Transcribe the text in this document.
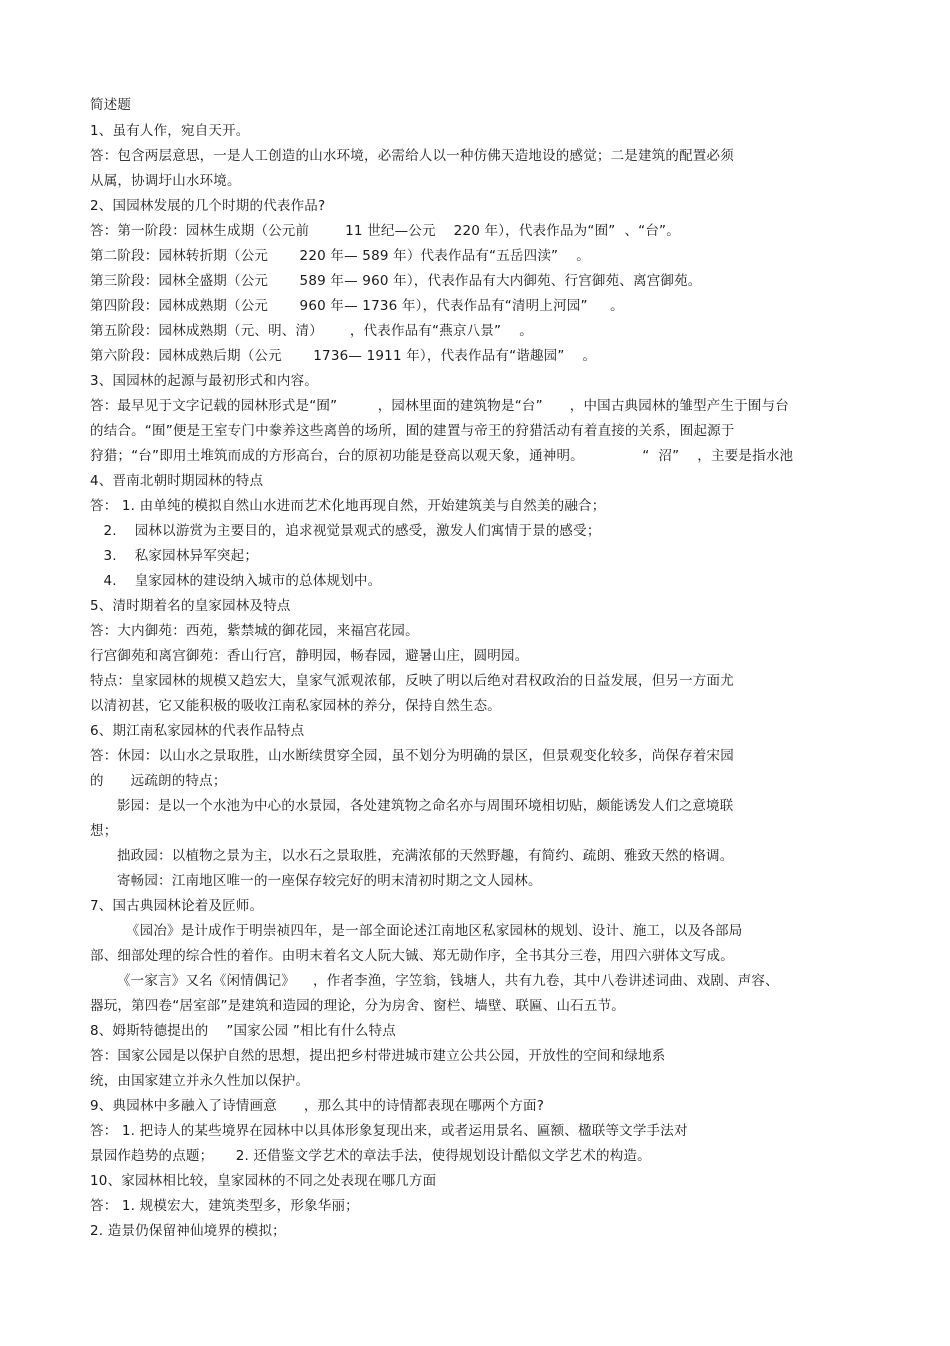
简述题
1、虽有人作，宛自天开。
答：包含两层意思，一是人工创造的山水环境，必需给人以一种仿佛天造地设的感觉；二是建筑的配置必须
从属，协调圩山水环境。
2、国园林发展的几个时期的代表作品?
答：第一阶段：园林生成期（公元前        11 世纪—公元    220 年），代表作品为“囿”  、“台”。
第二阶段：园林转折期（公元       220 年— 589 年）代表作品有“五岳四渎”    。
第三阶段：园林全盛期（公元       589 年— 960 年），代表作品有大内御苑、行宫御苑、离宫御苑。
第四阶段：园林成熟期（公元       960 年— 1736 年），代表作品有“清明上河园”     。
第五阶段：园林成熟期（元、明、清）      ，代表作品有“燕京八景”    。
第六阶段：园林成熟后期（公元       1736— 1911 年），代表作品有“谐趣园”    。
3、国园林的起源与最初形式和内容。
答：最早见于文字记载的园林形式是“囿”         ，园林里面的建筑物是“台”      ，中国古典园林的雏型产生于囿与台
的结合。“囿”便是王室专门中豢养这些离兽的场所，囿的建置与帝王的狩猎活动有着直接的关系，囿起源于
狩猎；“台”即用土堆筑而成的方形高台，台的原初功能是登高以观天象，通神明。             “  沼”    ，主要是指水池
4、晋南北朝时期园林的特点
答： 1. 由单纯的模拟自然山水进而艺术化地再现自然，开始建筑美与自然美的融合；
2.    园林以游赏为主要目的，追求视觉景观式的感受，激发人们寓情于景的感受；
3.    私家园林异军突起；
4.    皇家园林的建设纳入城市的总体规划中。
5、清时期着名的皇家园林及特点
答：大内御苑：西苑，紫禁城的御花园，来福宫花园。
行宫御苑和离宫御苑：香山行宫，静明园，畅春园，避暑山庄，圆明园。
特点：皇家园林的规模又趋宏大，皇家气派观浓郁，反映了明以后绝对君权政治的日益发展，但另一方面尤
以清初甚，它又能积极的吸收江南私家园林的养分，保持自然生态。
6、期江南私家园林的代表作品特点
答：休园：以山水之景取胜，山水断续贯穿全园，虽不划分为明确的景区，但景观变化较多，尚保存着宋园
的      远疏朗的特点；
影园：是以一个水池为中心的水景园，各处建筑物之命名亦与周围环境相切贴，颇能诱发人们之意境联
想；
拙政园：以植物之景为主，以水石之景取胜，充满浓郁的天然野趣，有简约、疏朗、雅致天然的格调。
寄畅园：江南地区唯一的一座保存较完好的明末清初时期之文人园林。
7、国古典园林论着及匠师。
《园冶》是计成作于明崇祯四年，是一部全面论述江南地区私家园林的规划、设计、施工，以及各部局
部、细部处理的综合性的着作。由明末着名文人阮大铖、郑无勋作序，全书其分三卷，用四六骈体文写成。
《一家言》又名《闲情偶记》    ，作者李渔，字笠翁，钱塘人，共有九卷，其中八卷讲述词曲、戏剧、声容、
器玩，第四卷“居室部”是建筑和造园的理论，分为房舍、窗栏、墙壁、联匾、山石五节。
8、姆斯特德提出的    ”国家公园 ”相比有什么特点
答：国家公园是以保护自然的思想，提出把乡村带进城市建立公共公园，开放性的空间和绿地系
统，由国家建立并永久性加以保护。
9、典园林中多融入了诗情画意      ，那么其中的诗情都表现在哪两个方面?
答： 1. 把诗人的某些境界在园林中以具体形象复现出来，或者运用景名、匾额、楹联等文学手法对
景园作趋势的点题；     2. 还借鉴文学艺术的章法手法，使得规划设计酷似文学艺术的构造。
10、家园林相比较，皇家园林的不同之处表现在哪几方面
答： 1. 规模宏大，建筑类型多，形象华丽；
2. 造景仍保留神仙境界的模拟；
